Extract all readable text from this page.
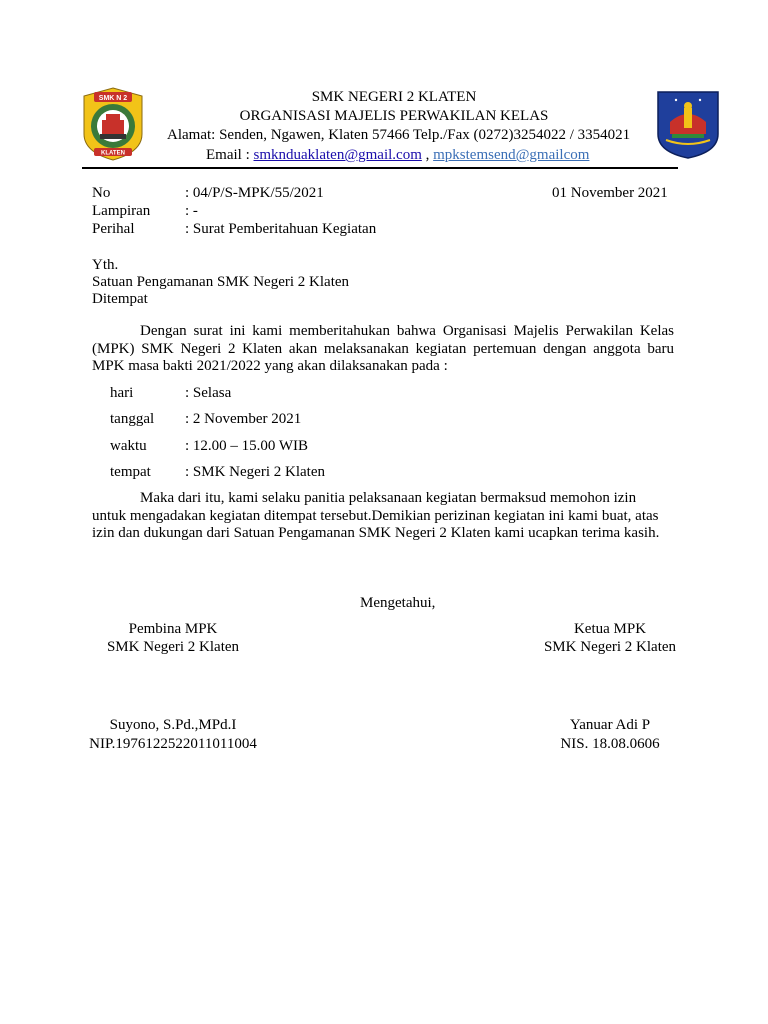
SMK N 2
KLATEN
SMK NEGERI 2 KLATEN
ORGANISASI MAJELIS PERWAKILAN KELAS
Alamat: Senden, Ngawen, Klaten 57466 Telp./Fax (0272)3254022 / 3354021
Email : smknduaklaten@gmail.com , mpkstemsend@gmailcom
No	: 04/P/S-MPK/55/2021	01 November 2021
Lampiran : -
Perihal	: Surat Pemberitahuan Kegiatan
Yth.
Satuan Pengamanan SMK Negeri 2 Klaten
Ditempat

Dengan surat ini kami memberitahukan bahwa Organisasi Majelis Perwakilan Kelas (MPK) SMK Negeri 2 Klaten akan melaksanakan kegiatan pertemuan dengan anggota baru MPK masa bakti 2021/2022 yang akan dilaksanakan pada :

hari	: Selasa
tanggal : 2 November 2021
waktu	: 12.00 – 15.00 WIB
tempat : SMK Negeri 2 Klaten

Maka dari itu, kami selaku panitia pelaksanaan kegiatan bermaksud memohon izin untuk mengadakan kegiatan ditempat tersebut.Demikian perizinan kegiatan ini kami buat, atas izin dan dukungan dari Satuan Pengamanan SMK Negeri 2 Klaten kami ucapkan terima kasih.

Mengetahui,
Pembina MPK
SMK Negeri 2 Klaten
Suyono, S.Pd.,MPd.I
NIP.1976122522011011004
Ketua MPK
SMK Negeri 2 Klaten
Yanuar Adi P
NIS. 18.08.0606
